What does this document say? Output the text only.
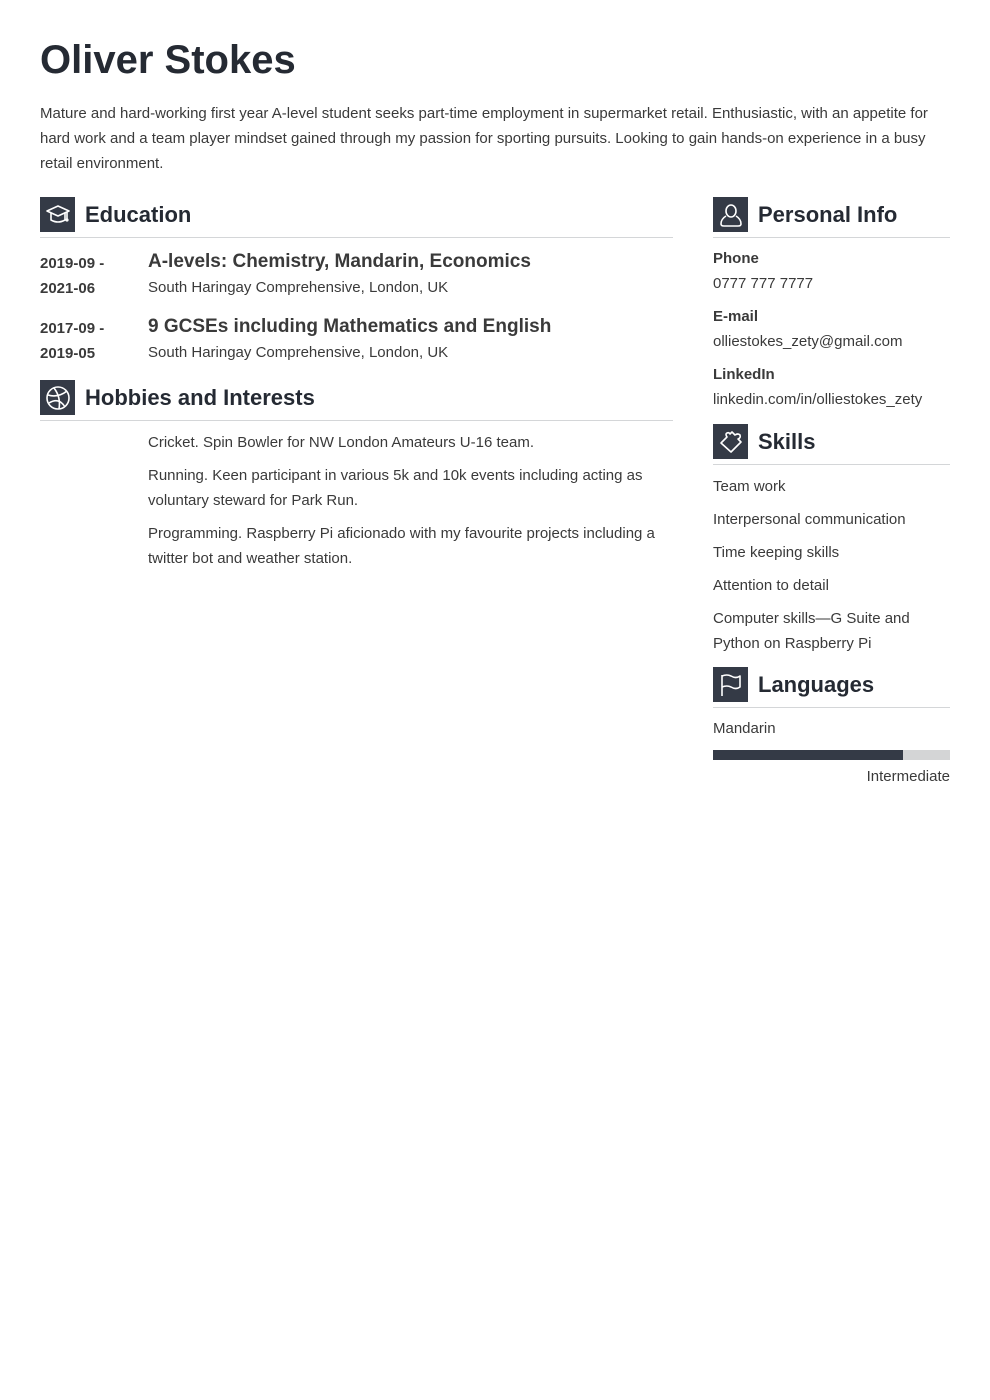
Oliver Stokes

Mature and hard-working first year A-level student seeks part-time employment in supermarket retail. Enthusiastic, with an appetite for hard work and a team player mindset gained through my passion for sporting pursuits. Looking to gain hands-on experience in a busy retail environment.

Education
2019-09 -
2021-06
A-levels: Chemistry, Mandarin, Economics
South Haringay Comprehensive, London, UK
2017-09 -
2019-05
9 GCSEs including Mathematics and English
South Haringay Comprehensive, London, UK
Hobbies and Interests

Cricket. Spin Bowler for NW London Amateurs U-16 team.

Running. Keen participant in various 5k and 10k events including acting as voluntary steward for Park Run.

Programming. Raspberry Pi aficionado with my favourite projects including a twitter bot and weather station.

Personal Info
Phone
0777 777 7777
E-mail
olliestokes_zety@gmail.com
LinkedIn
linkedin.com/in/olliestokes_zety
Skills

Team work

Interpersonal communication

Time keeping skills

Attention to detail

Computer skills—G Suite and Python on Raspberry Pi

Languages
Mandarin
Intermediate
